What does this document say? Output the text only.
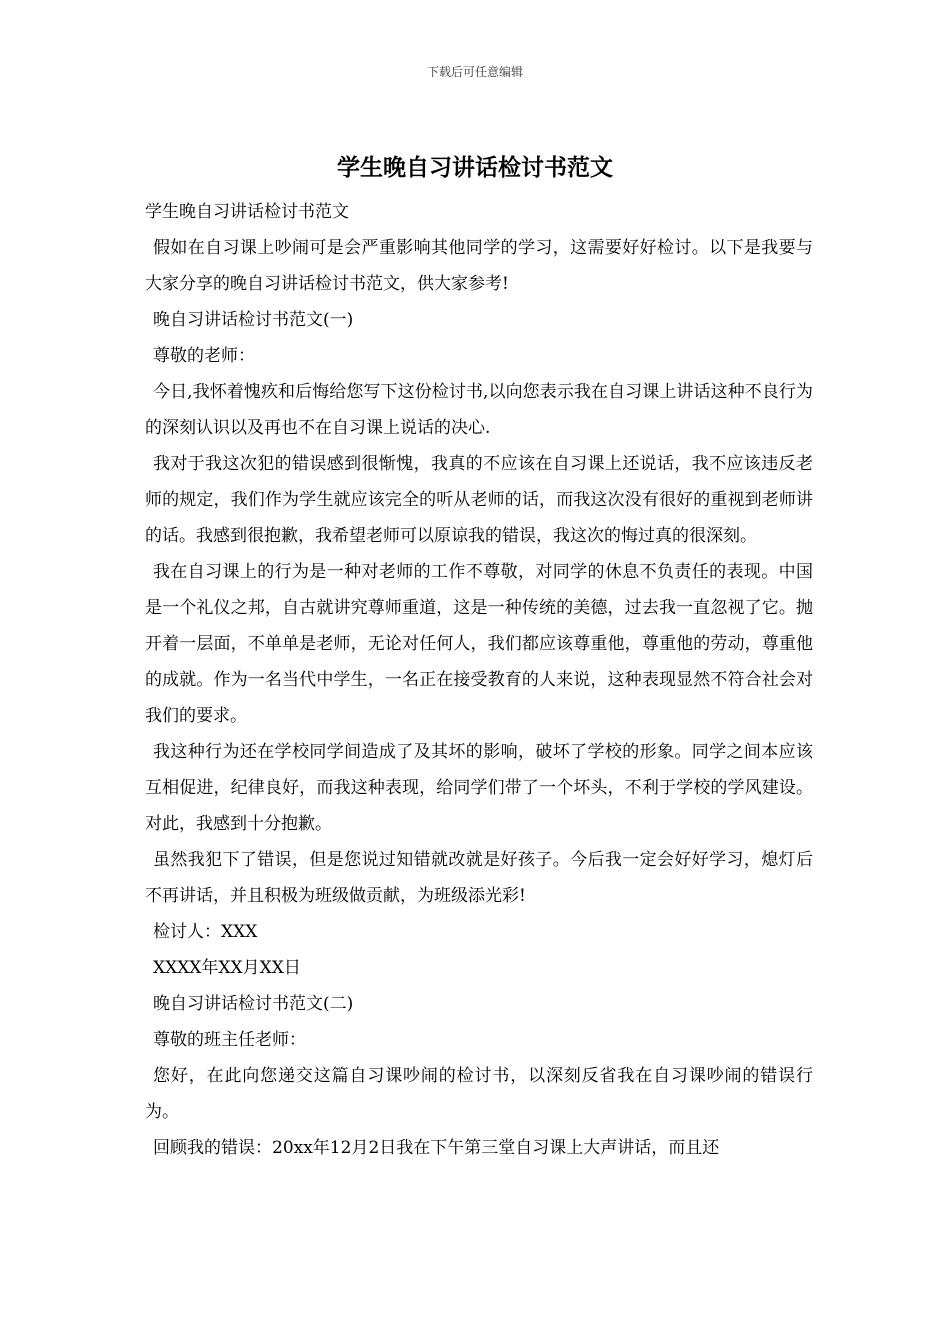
下载后可任意编辑
学生晚自习讲话检讨书范文

学生晚自习讲话检讨书范文

假如在自习课上吵闹可是会严重影响其他同学的学习，这需要好好检讨。以下是我要与大家分享的晚自习讲话检讨书范文，供大家参考!

晚自习讲话检讨书范文(一)

尊敬的老师：

今日,我怀着愧疚和后悔给您写下这份检讨书,以向您表示我在自习课上讲话这种不良行为的深刻认识以及再也不在自习课上说话的决心.

我对于我这次犯的错误感到很惭愧，我真的不应该在自习课上还说话，我不应该违反老师的规定，我们作为学生就应该完全的听从老师的话，而我这次没有很好的重视到老师讲的话。我感到很抱歉，我希望老师可以原谅我的错误，我这次的悔过真的很深刻。

我在自习课上的行为是一种对老师的工作不尊敬，对同学的休息不负责任的表现。中国是一个礼仪之邦，自古就讲究尊师重道，这是一种传统的美德，过去我一直忽视了它。抛开着一层面，不单单是老师，无论对任何人，我们都应该尊重他，尊重他的劳动，尊重他的成就。作为一名当代中学生，一名正在接受教育的人来说，这种表现显然不符合社会对我们的要求。

我这种行为还在学校同学间造成了及其坏的影响，破坏了学校的形象。同学之间本应该互相促进，纪律良好，而我这种表现，给同学们带了一个坏头，不利于学校的学风建设。对此，我感到十分抱歉。

虽然我犯下了错误，但是您说过知错就改就是好孩子。今后我一定会好好学习，熄灯后不再讲话，并且积极为班级做贡献，为班级添光彩!

检讨人：XXX

XXXX年XX月XX日

晚自习讲话检讨书范文(二)

尊敬的班主任老师：

您好，在此向您递交这篇自习课吵闹的检讨书，以深刻反省我在自习课吵闹的错误行为。

回顾我的错误：20xx年12月2日我在下午第三堂自习课上大声讲话，而且还
